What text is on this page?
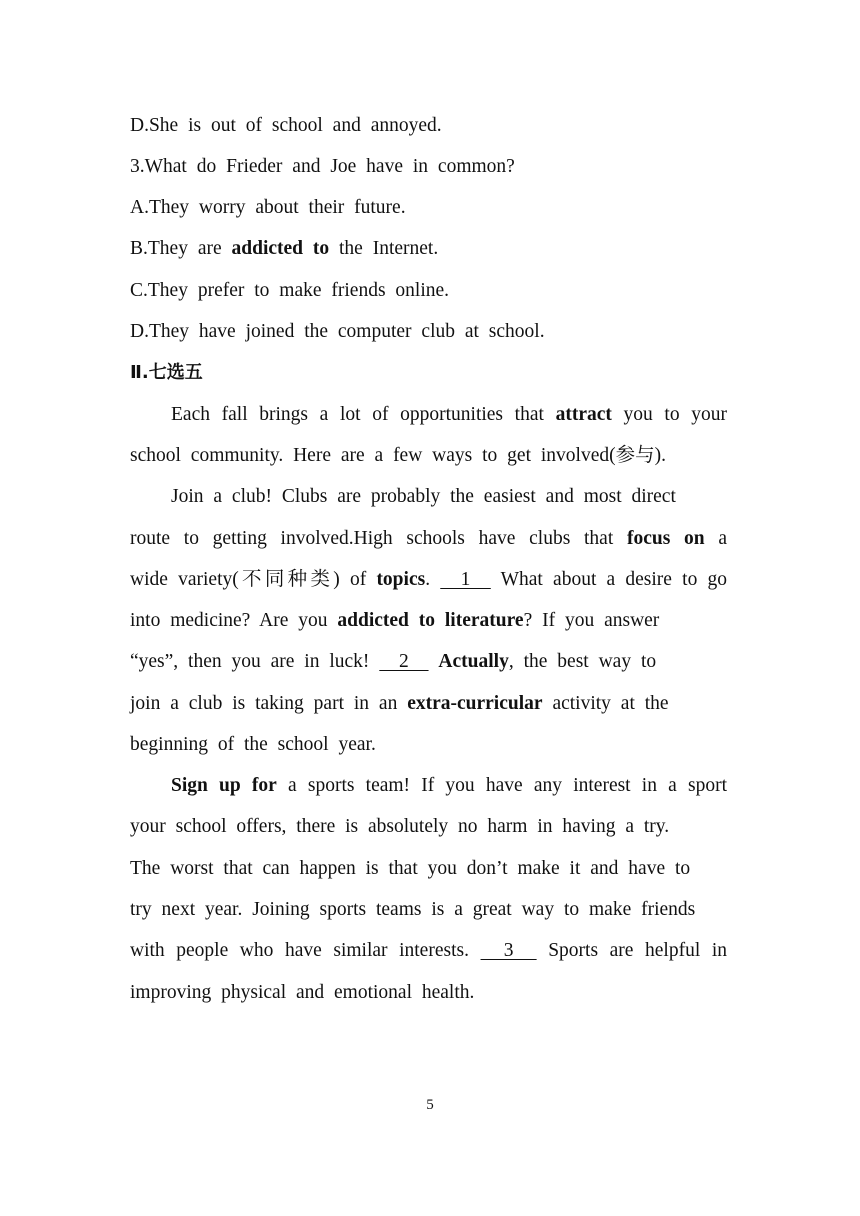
D.She is out of school and annoyed.
3.What do Frieder and Joe have in common?
A.They worry about their future.
B.They are addicted to the Internet.
C.They prefer to make friends online.
D.They have joined the computer club at school.
Ⅱ.七选五
Each fall brings a lot of opportunities that attract you to your
school community. Here are a few ways to get involved(参与).
Join a club! Clubs are probably the easiest and most direct
route to getting involved.High schools have clubs that focus on a
wide variety(不同种类) of topics.   1   What about a desire to go
into medicine? Are you addicted to literature? If you answer
“yes”, then you are in luck!   2   Actually, the best way to
join a club is taking part in an extra-curricular activity at the
beginning of the school year.
Sign up for a sports team! If you have any interest in a sport
your school offers, there is absolutely no harm in having a try.
The worst that can happen is that you don’t make it and have to
try next year. Joining sports teams is a great way to make friends
with people who have similar interests.   3   Sports are helpful in
improving physical and emotional health.
5
